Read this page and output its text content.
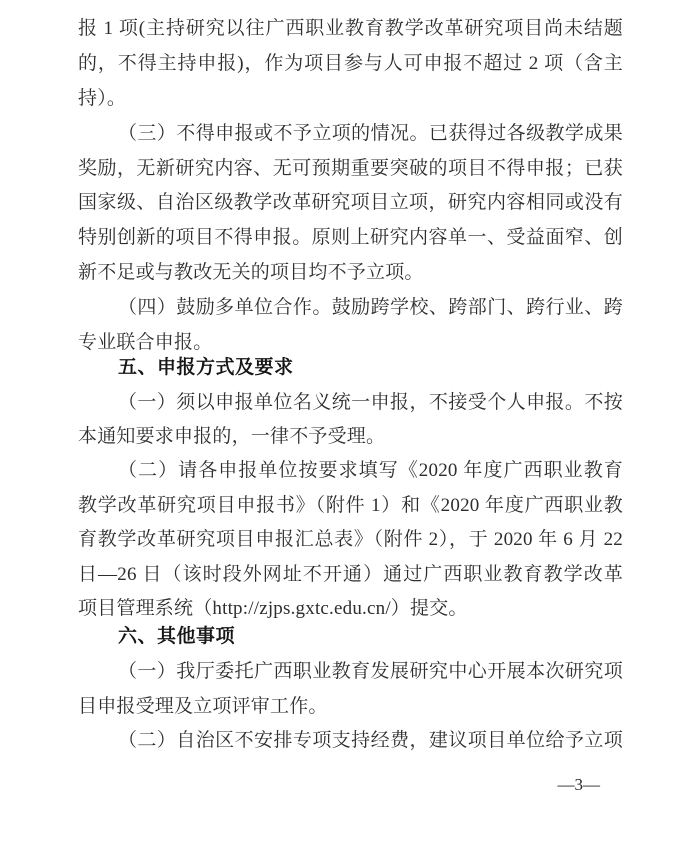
报 1 项(主持研究以往广西职业教育教学改革研究项目尚未结题
的，不得主持申报)，作为项目参与人可申报不超过 2 项（含主
持）。
（三）不得申报或不予立项的情况。已获得过各级教学成果
奖励，无新研究内容、无可预期重要突破的项目不得申报；已获
国家级、自治区级教学改革研究项目立项，研究内容相同或没有
特别创新的项目不得申报。原则上研究内容单一、受益面窄、创
新不足或与教改无关的项目均不予立项。
（四）鼓励多单位合作。鼓励跨学校、跨部门、跨行业、跨
专业联合申报。
五、申报方式及要求
（一）须以申报单位名义统一申报，不接受个人申报。不按
本通知要求申报的，一律不予受理。
（二）请各申报单位按要求填写《2020 年度广西职业教育
教学改革研究项目申报书》（附件 1）和《2020 年度广西职业教
育教学改革研究项目申报汇总表》（附件 2），于 2020 年 6 月 22
日—26 日（该时段外网址不开通）通过广西职业教育教学改革
项目管理系统（http://zjps.gxtc.edu.cn/）提交。
六、其他事项
（一）我厅委托广西职业教育发展研究中心开展本次研究项
目申报受理及立项评审工作。
（二）自治区不安排专项支持经费，建议项目单位给予立项
—3—
